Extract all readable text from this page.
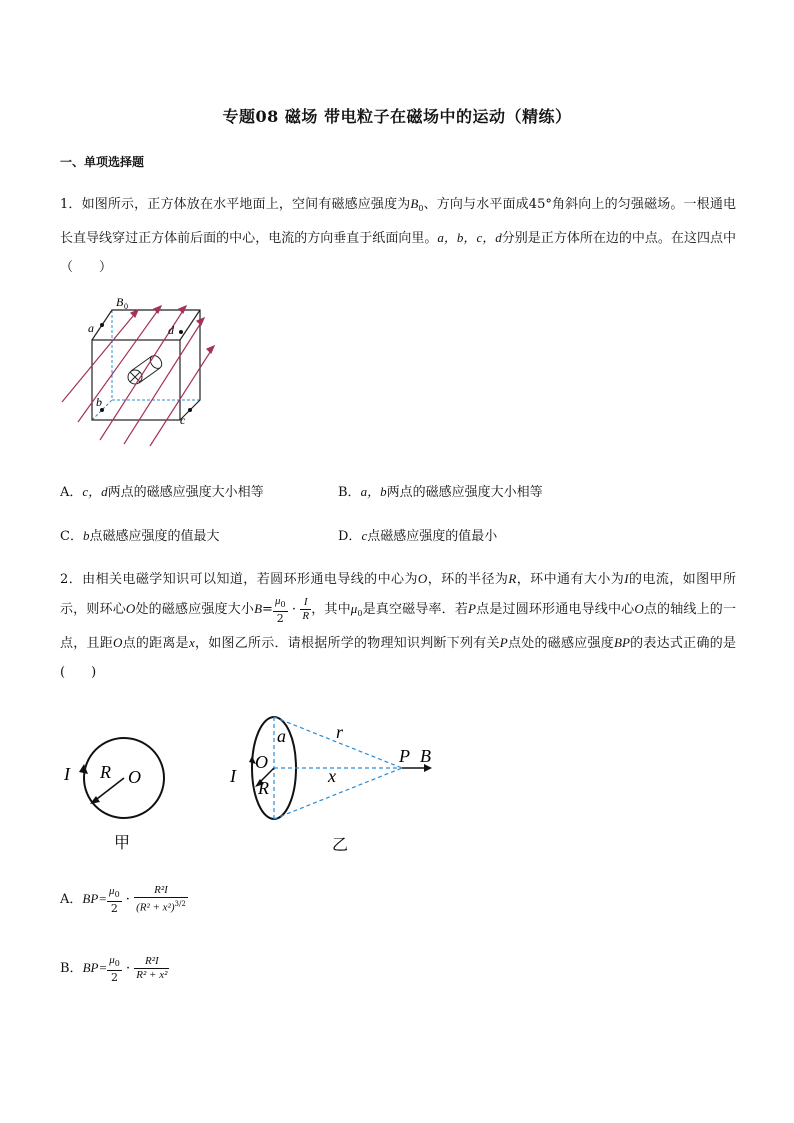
专题08 磁场 带电粒子在磁场中的运动（精练）
一、单项选择题
1．如图所示，正方体放在水平地面上，空间有磁感应强度为$B_0$、方向与水平面成45°角斜向上的匀强磁场。一根通电长直导线穿过正方体前后面的中心，电流的方向垂直于纸面向里。a，b，c，d分别是正方体所在边的中点。在这四点中（　　）
B 0
a	d
b
c
A．c，d两点的磁感应强度大小相等	B．a，b两点的磁感应强度大小相等
C．b点磁感应强度的值最大	D．c点磁感应强度的值最小
2．由相关电磁学知识可以知道，若圆环形通电导线的中心为O，环的半径为R，环中通有大小为I的电流，如图甲所示，则环心O处的磁感应强度大小$B= \frac{\mu_0}{2} \cdot \frac{I}{R}$ ，其中$\mu_0$是真空磁导率．若P点是过圆环形通电导线中心O点的轴线上的一点，且距O点的距离是x，如图乙所示．请根据所学的物理知识判断下列有关P点处的磁感应强度BP的表达式正确的是(　　)
I R O
甲
a	r
O
I
R
x
P B
乙
A．$BP= \frac{\mu_0}{2} \cdot \frac{\text{R²I}}{(R^2 + x^2)^{3/2}}$
B．$BP= \frac{\mu_0}{2} \cdot \frac{\text{R²I}}{\text{R² + x²}}$
